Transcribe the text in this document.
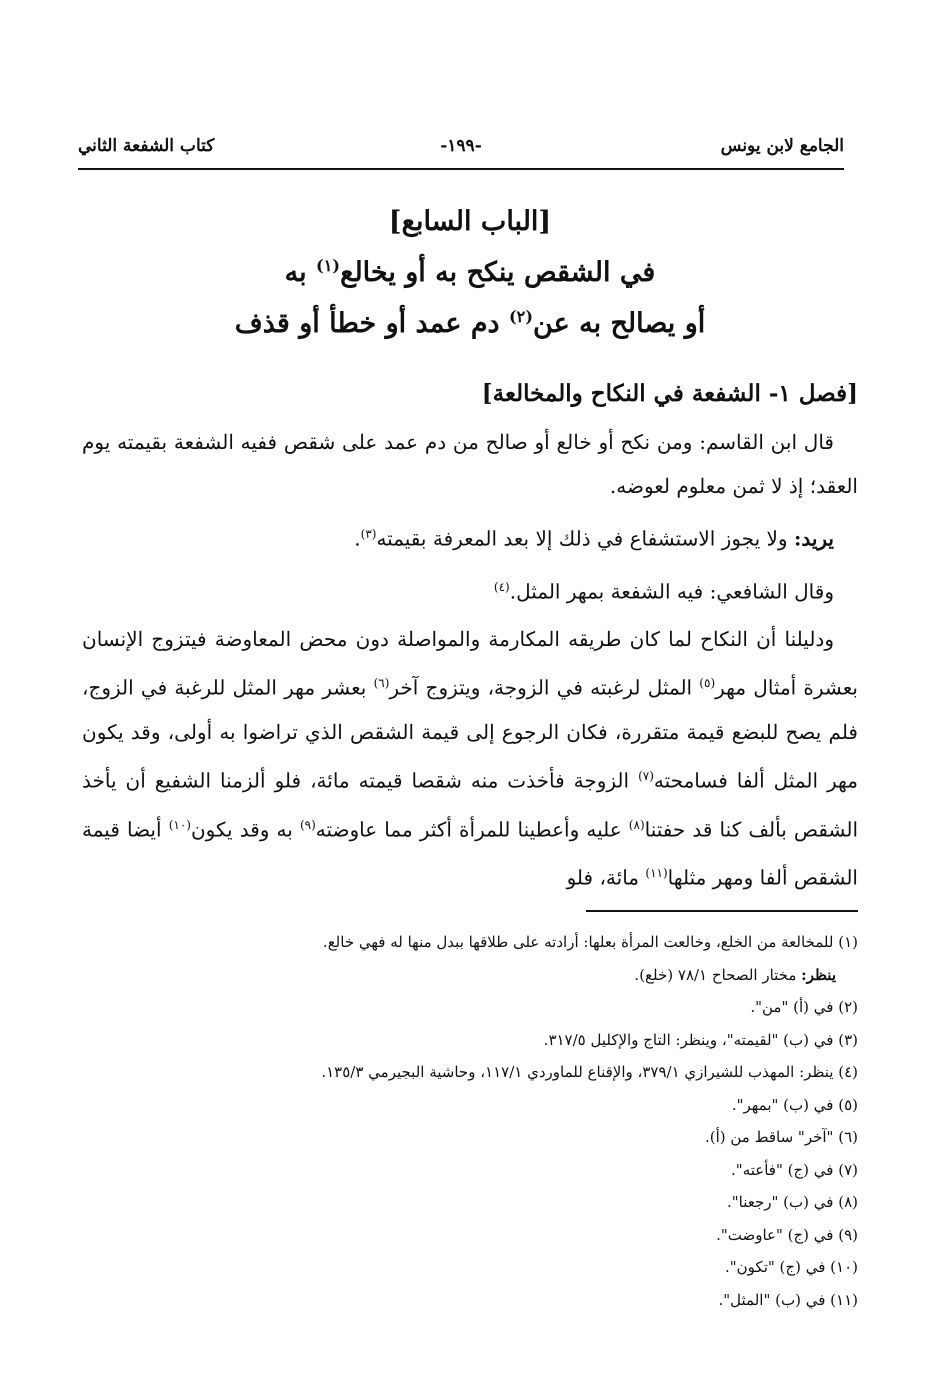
الجامع لابن يونس
-١٩٩-
كتاب الشفعة الثاني
[الباب السابع]
في الشقص ينكح به أو يخالع$^{(١)}$ به
أو يصالح به عن$^{(٢)}$ دم عمد أو خطأ أو قذف
[فصل ١- الشفعة في النكاح والمخالعة]

قال ابن القاسم: ومن نكح أو خالع أو صالح من دم عمد على شقص ففيه الشفعة بقيمته يوم العقد؛ إذ لا ثمن معلوم لعوضه.

يريد: ولا يجوز الاستشفاع في ذلك إلا بعد المعرفة بقيمته$^{(٣)}$.

وقال الشافعي: فيه الشفعة بمهر المثل.$^{(٤)}$

ودليلنا أن النكاح لما كان طريقه المكارمة والمواصلة دون محض المعاوضة فيتزوج الإنسان بعشرة أمثال مهر$^{(٥)}$ المثل لرغبته في الزوجة، ويتزوج آخر$^{(٦)}$ بعشر مهر المثل للرغبة في الزوج، فلم يصح للبضع قيمة متقررة، فكان الرجوع إلى قيمة الشقص الذي تراضوا به أولى، وقد يكون مهر المثل ألفا فسامحته$^{(٧)}$ الزوجة فأخذت منه شقصا قيمته مائة، فلو ألزمنا الشفيع أن يأخذ الشقص بألف كنا قد حفتنا$^{(٨)}$ عليه وأعطينا للمرأة أكثر مما عاوضته$^{(٩)}$ به وقد يكون$^{(١٠)}$ أيضا قيمة الشقص ألفا ومهر مثلها$^{(١١)}$ مائة، فلو

(١) للمخالعة من الخلع، وخالعت المرأة بعلها: أرادته على طلاقها ببدل منها له فهي خالع.
ينظر: مختار الصحاح ٧٨/١ (خلع).
(٢) في (أ) "من".
(٣) في (ب) "لقيمته"، وينظر: التاج والإكليل ٣١٧/٥.
(٤) ينظر: المهذب للشيرازي ٣٧٩/١، والإقناع للماوردي ١١٧/١، وحاشية البجيرمي ١٣٥/٣.
(٥) في (ب) "بمهر".
(٦) "آخر" ساقط من (أ).
(٧) في (ج) "فأعته".
(٨) في (ب) "رجعنا".
(٩) في (ج) "عاوضت".
(١٠) في (ج) "تكون".
(١١) في (ب) "المثل".
